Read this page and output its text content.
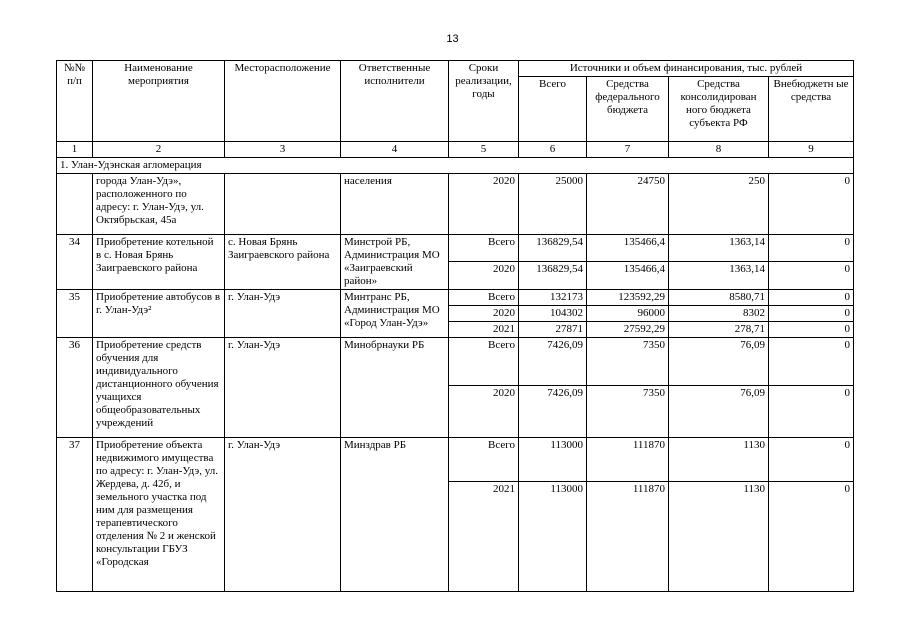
13
№№ п/п	Наименование мероприятия	Месторасположение	Ответственные исполнители	Сроки реализации, годы	Источники и объем финансирования, тыс. рублей			
					Всего	Средства федерального бюджета	Средства консолидирован ного бюджета субъекта РФ	Внебюджетн ые средства
1	2	3	4	5	6	7	8	9
1. Улан-Удэнская агломерация								
	города Улан-Удэ», расположенного по адресу: г. Улан-Удэ, ул. Октябрьская, 45а		населения	2020	25000	24750	250	0
34	Приобретение котельной в с. Новая Брянь Заиграевского района	с. Новая Брянь Заиграевского района	Минстрой РБ, Администрация МО «Заиграевский район»	Всего	136829,54	135466,4	1363,14	0
				2020	136829,54	135466,4	1363,14	0
35	Приобретение автобусов в г. Улан-Удэ²	г. Улан-Удэ	Минтранс РБ, Администрация МО «Город Улан-Удэ»	Всего	132173	123592,29	8580,71	0
				2020	104302	96000	8302	0
				2021	27871	27592,29	278,71	0
36	Приобретение средств обучения для индивидуального дистанционного обучения учащихся общеобразовательных учреждений	г. Улан-Удэ	Минобрнауки РБ	Всего	7426,09	7350	76,09	0
				2020	7426,09	7350	76,09	0
37	Приобретение объекта недвижимого имущества по адресу: г. Улан-Удэ, ул. Жердева, д. 42б, и земельного участка под ним для размещения терапевтического отделения № 2 и женской консультации ГБУЗ «Городская	г. Улан-Удэ	Минздрав РБ	Всего	113000	111870	1130	0
				2021	113000	111870	1130	0
